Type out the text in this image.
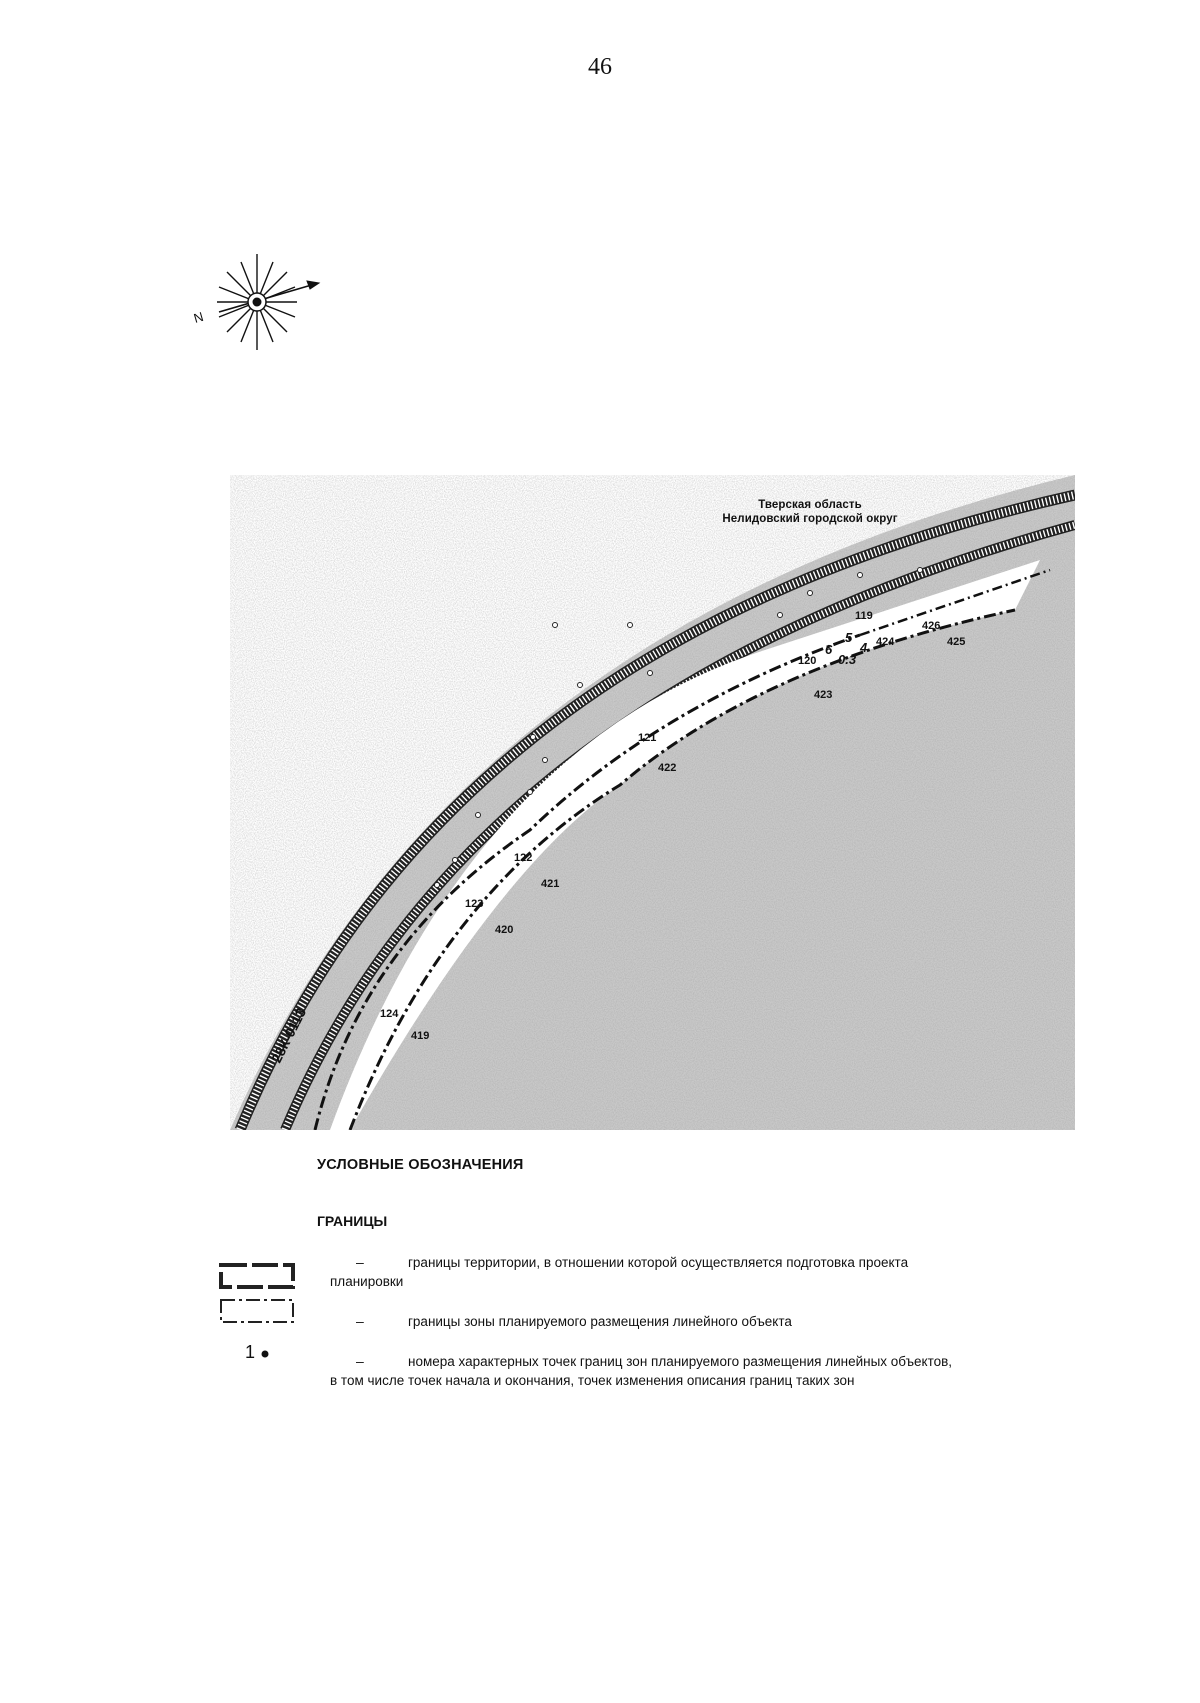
46
N
Тверская область
Нелидовский городской округ
28К-0113
119
120
121
122
123
124
426
425
424
423
422
421
420
419
4
5
6
0.3
УСЛОВНЫЕ ОБОЗНАЧЕНИЯ
ГРАНИЦЫ
1
–	границы территории, в отношении которой осуществляется подготовка проекта
планировки
–	границы зоны планируемого размещения линейного объекта
–	номера характерных точек границ зон планируемого размещения линейных объектов,
в том числе точек начала и окончания, точек изменения описания границ таких зон
